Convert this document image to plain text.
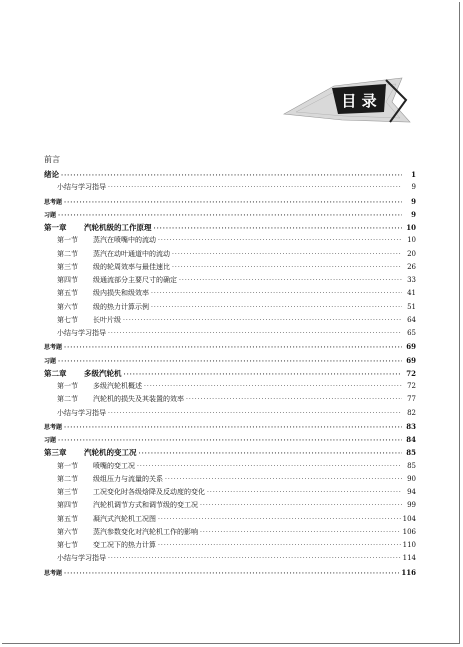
目 录
前言
绪论 ·····	1
小结与学习指导 ·····	9
思考题 ·····	9
习题 ·····	9
第一章 汽轮机级的工作原理 ·····	10
第一节 蒸汽在喷嘴中的流动 ·····	10
第二节 蒸汽在动叶通道中的流动 ·····	20
第三节 级的轮周效率与最佳速比 ·····	26
第四节 级通流部分主要尺寸的确定 ·····	33
第五节 级内损失和级效率 ·····	41
第六节 级的热力计算示例 ·····	51
第七节 长叶片级 ·····	64
小结与学习指导 ·····	65
思考题 ·····	69
习题 ·····	69
第二章 多级汽轮机 ·····	72
第一节 多级汽轮机概述 ·····	72
第二节 汽轮机的损失及其装置的效率 ·····	77
小结与学习指导 ·····	82
思考题 ·····	83
习题 ·····	84
第三章 汽轮机的变工况 ·····	85
第一节 喷嘴的变工况 ·····	85
第二节 级组压力与流量的关系 ·····	90
第三节 工况变化时各级焓降及反动度的变化 ·····	94
第四节 汽轮机调节方式和调节级的变工况 ·····	99
第五节 凝汽式汽轮机工况图 ·····	104
第六节 蒸汽参数变化对汽轮机工作的影响 ·····	106
第七节 变工况下的热力计算 ·····	110
小结与学习指导 ·····	114
思考题 ·····	116
